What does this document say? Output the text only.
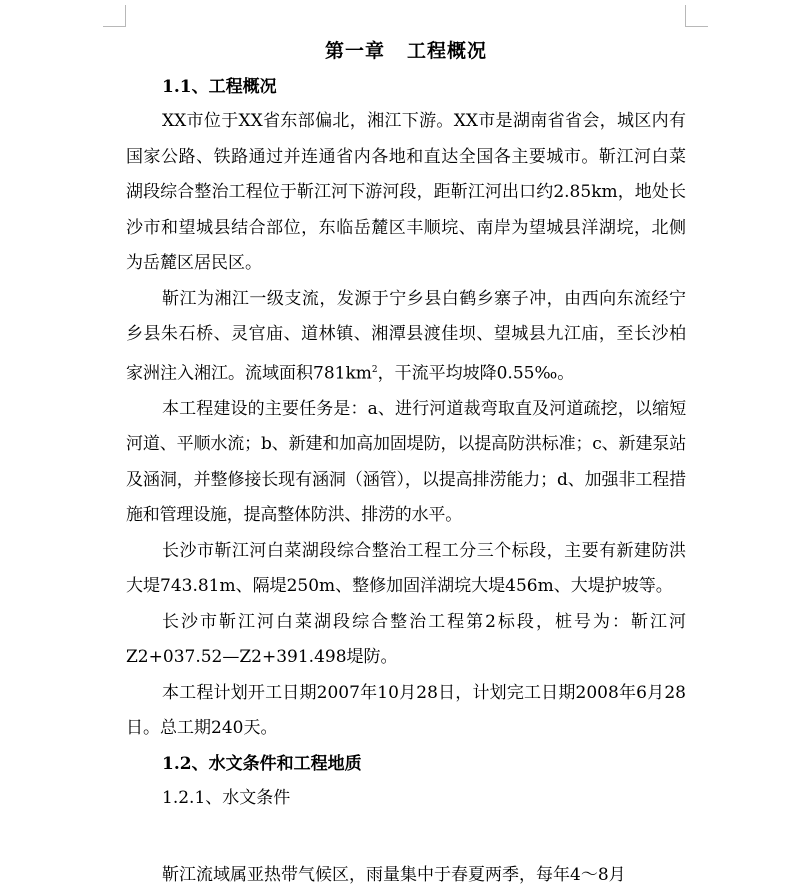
第一章 工程概况
1.1、工程概况
XX市位于XX省东部偏北，湘江下游。XX市是湖南省省会，城区内有国家公路、铁路通过并连通省内各地和直达全国各主要城市。靳江河白菜湖段综合整治工程位于靳江河下游河段，距靳江河出口约2.85km，地处长沙市和望城县结合部位，东临岳麓区丰顺垸、南岸为望城县洋湖垸，北侧为岳麓区居民区。
靳江为湘江一级支流，发源于宁乡县白鹤乡寨子冲，由西向东流经宁乡县朱石桥、灵官庙、道林镇、湘潭县渡佳坝、望城县九江庙，至长沙柏家洲注入湘江。流域面积$781km^2$，干流平均坡降0.55‰。
本工程建设的主要任务是：a、进行河道裁弯取直及河道疏挖，以缩短河道、平顺水流；b、新建和加高加固堤防，以提高防洪标准；c、新建泵站及涵洞，并整修接长现有涵洞（涵管），以提高排涝能力；d、加强非工程措施和管理设施，提高整体防洪、排涝的水平。
长沙市靳江河白菜湖段综合整治工程工分三个标段，主要有新建防洪大堤743.81m、隔堤250m、整修加固洋湖垸大堤456m、大堤护坡等。
长沙市靳江河白菜湖段综合整治工程第2标段，桩号为：靳江河Z2+037.52—Z2+391.498堤防。
本工程计划开工日期2007年10月28日，计划完工日期2008年6月28日。总工期240天。
1.2、水文条件和工程地质
1.2.1、水文条件
靳江流域属亚热带气候区，雨量集中于春夏两季，每年4～8月
